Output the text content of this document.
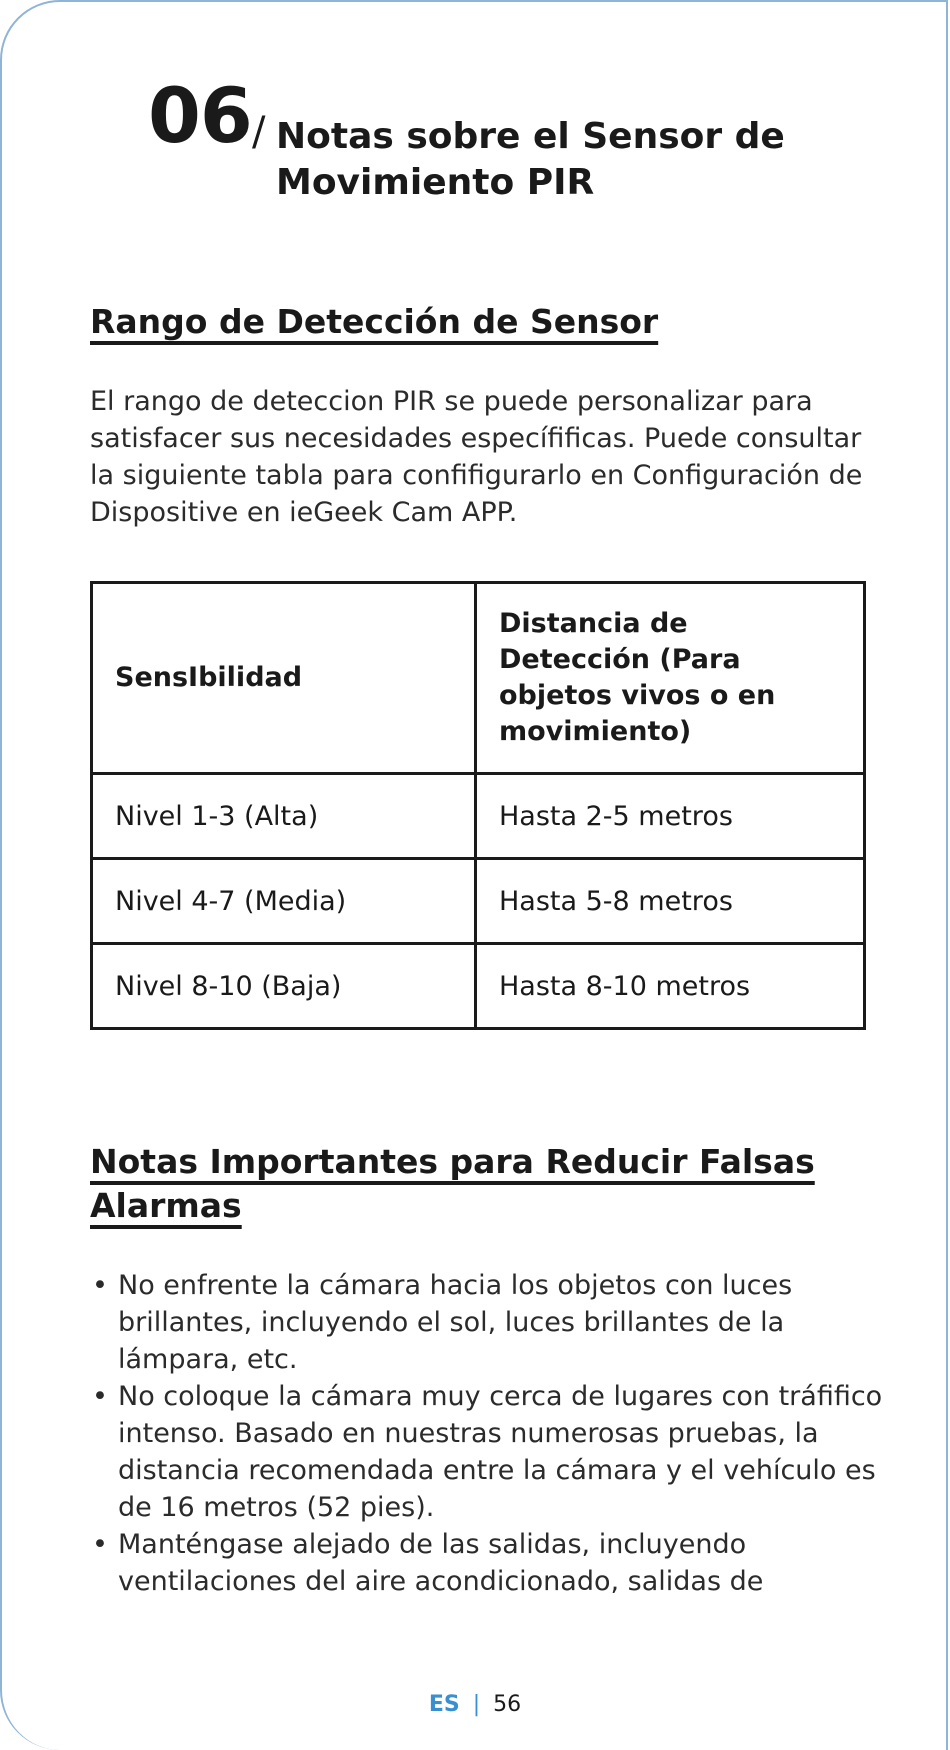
06 / Notas sobre el Sensor de Movimiento PIR
Rango de Detección de Sensor

El rango de deteccion PIR se puede personalizar para satisfacer sus necesidades específificas. Puede consultar la siguiente tabla para confifigurarlo en Configuración de Dispositive en ieGeek Cam APP.

SensIbilidad	Distancia de Detección (Para objetos vivos o en movimiento)
Nivel 1-3 (Alta)	Hasta 2-5 metros
Nivel 4-7 (Media)	Hasta 5-8 metros
Nivel 8-10 (Baja)	Hasta 8-10 metros
Notas Importantes para Reducir Falsas Alarmas
• No enfrente la cámara hacia los objetos con luces brillantes, incluyendo el sol, luces brillantes de la lámpara, etc.
• No coloque la cámara muy cerca de lugares con tráfifico intenso. Basado en nuestras numerosas pruebas, la distancia recomendada entre la cámara y el vehículo es de 16 metros (52 pies).
• Manténgase alejado de las salidas, incluyendo ventilaciones del aire acondicionado, salidas de
ES | 56
